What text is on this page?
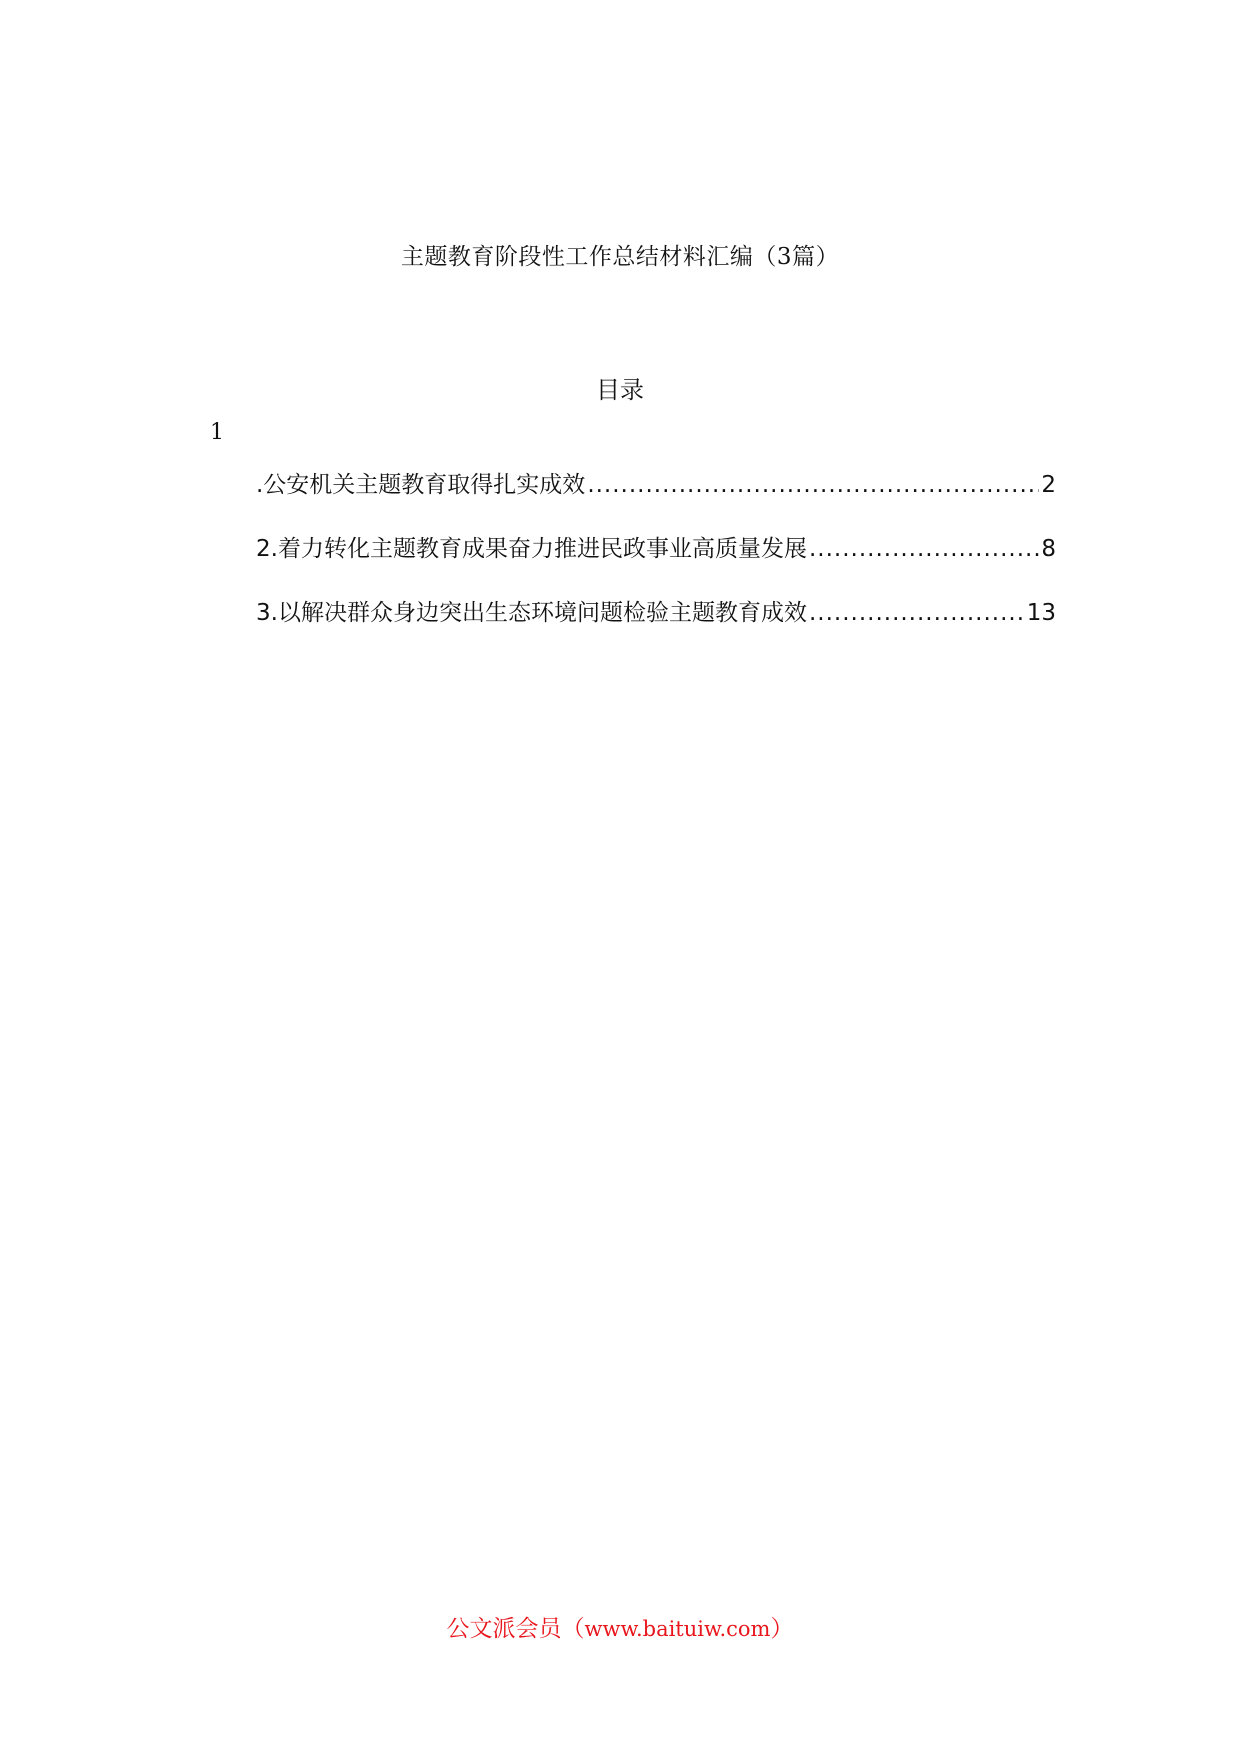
主题教育阶段性工作总结材料汇编（3篇）
目录
1
.公安机关主题教育取得扎实成效 .....	2
2.着力转化主题教育成果奋力推进民政事业高质量发展 .....	8
3.以解决群众身边突出生态环境问题检验主题教育成效 .....	13
公文派会员（www.baituiw.com）
